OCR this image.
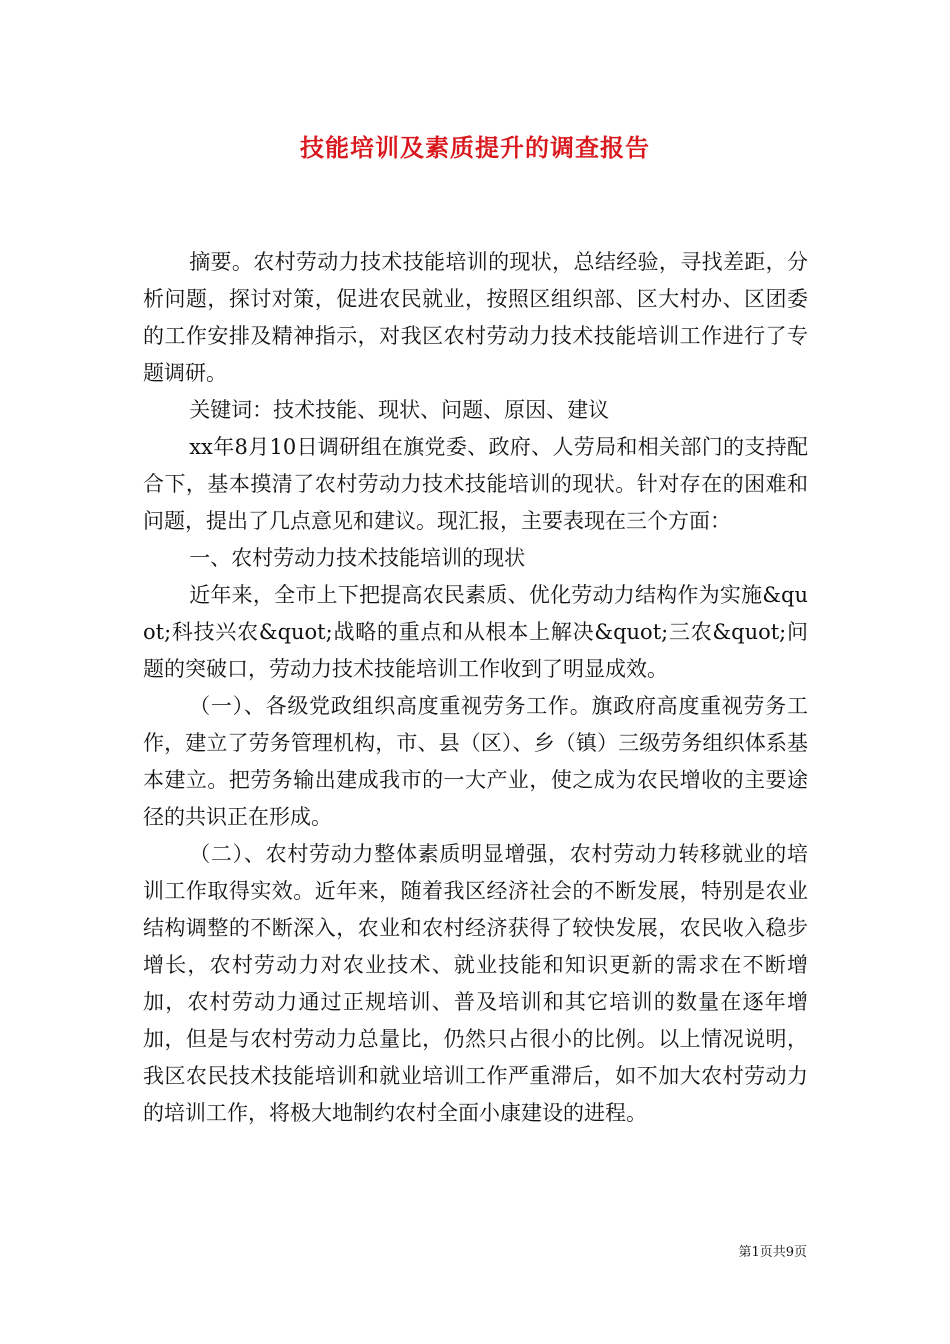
技能培训及素质提升的调查报告

摘要。农村劳动力技术技能培训的现状，总结经验，寻找差距，分析问题，探讨对策，促进农民就业，按照区组织部、区大村办、区团委的工作安排及精神指示，对我区农村劳动力技术技能培训工作进行了专题调研。

关键词：技术技能、现状、问题、原因、建议

xx年8月10日调研组在旗党委、政府、人劳局和相关部门的支持配合下，基本摸清了农村劳动力技术技能培训的现状。针对存在的困难和问题，提出了几点意见和建议。现汇报，主要表现在三个方面：

一、农村劳动力技术技能培训的现状

近年来，全市上下把提高农民素质、优化劳动力结构作为实施&quot;科技兴农&quot;战略的重点和从根本上解决&quot;三农&quot;问题的突破口，劳动力技术技能培训工作收到了明显成效。

（一）、各级党政组织高度重视劳务工作。旗政府高度重视劳务工作，建立了劳务管理机构，市、县（区）、乡（镇）三级劳务组织体系基本建立。把劳务输出建成我市的一大产业，使之成为农民增收的主要途径的共识正在形成。

（二）、农村劳动力整体素质明显增强，农村劳动力转移就业的培训工作取得实效。近年来，随着我区经济社会的不断发展，特别是农业结构调整的不断深入，农业和农村经济获得了较快发展，农民收入稳步增长，农村劳动力对农业技术、就业技能和知识更新的需求在不断增加，农村劳动力通过正规培训、普及培训和其它培训的数量在逐年增加，但是与农村劳动力总量比，仍然只占很小的比例。以上情况说明，我区农民技术技能培训和就业培训工作严重滞后，如不加大农村劳动力的培训工作，将极大地制约农村全面小康建设的进程。

第1页共9页
